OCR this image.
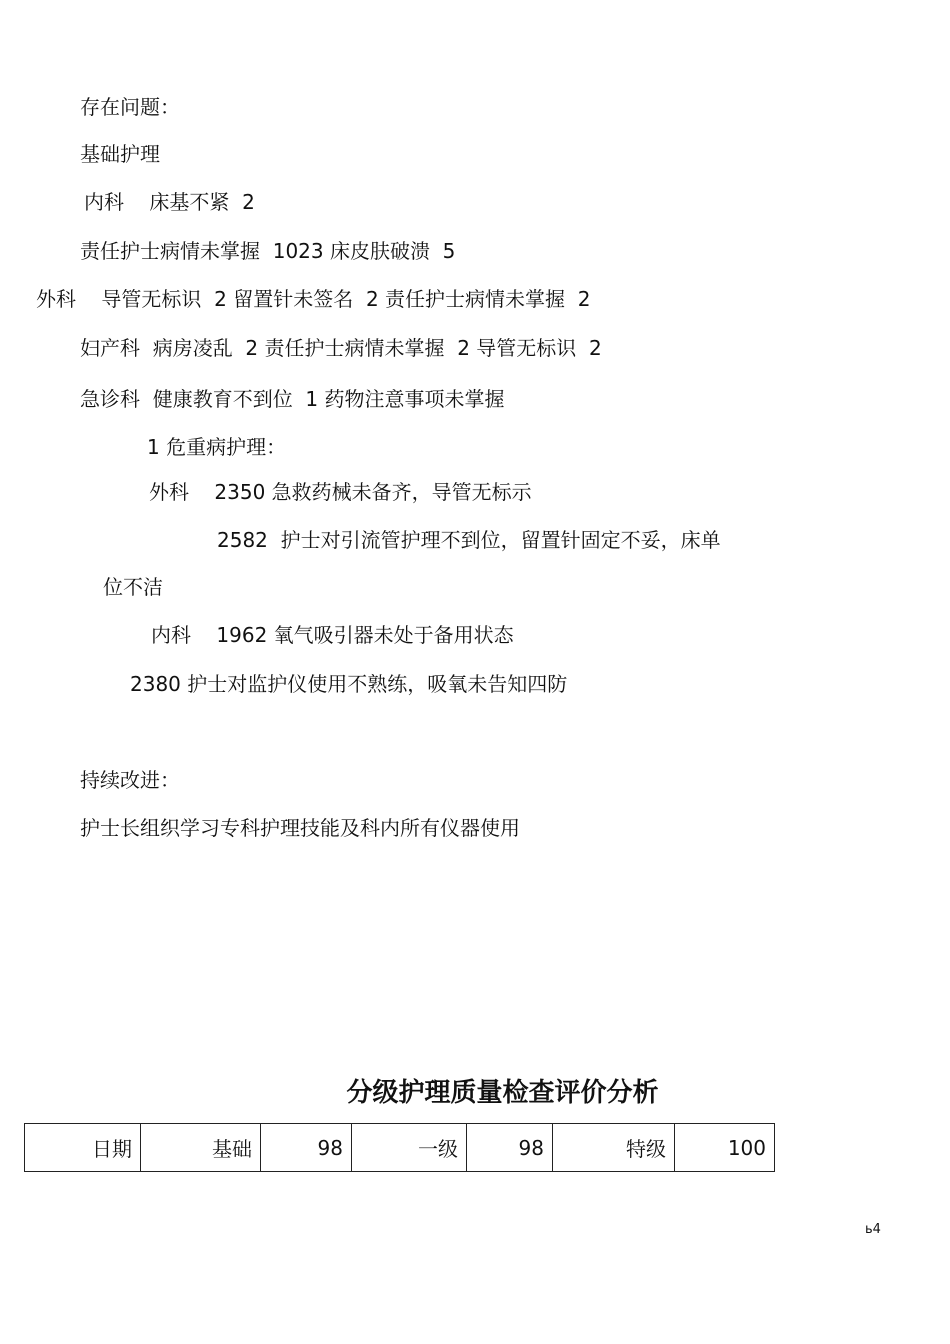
存在问题：
基础护理
内科    床基不紧  2
责任护士病情未掌握  1023 床皮肤破溃  5
外科    导管无标识  2 留置针未签名  2 责任护士病情未掌握  2
妇产科  病房凌乱  2 责任护士病情未掌握  2 导管无标识  2
急诊科  健康教育不到位  1 药物注意事项未掌握
1 危重病护理：
外科    2350 急救药械未备齐，导管无标示
2582  护士对引流管护理不到位，留置针固定不妥，床单
位不洁
内科    1962 氧气吸引器未处于备用状态
2380 护士对监护仪使用不熟练，吸氧未告知四防
持续改进：
护士长组织学习专科护理技能及科内所有仪器使用
分级护理质量检查评价分析
日期	基础	98	一级	98	特级	100
ь4
